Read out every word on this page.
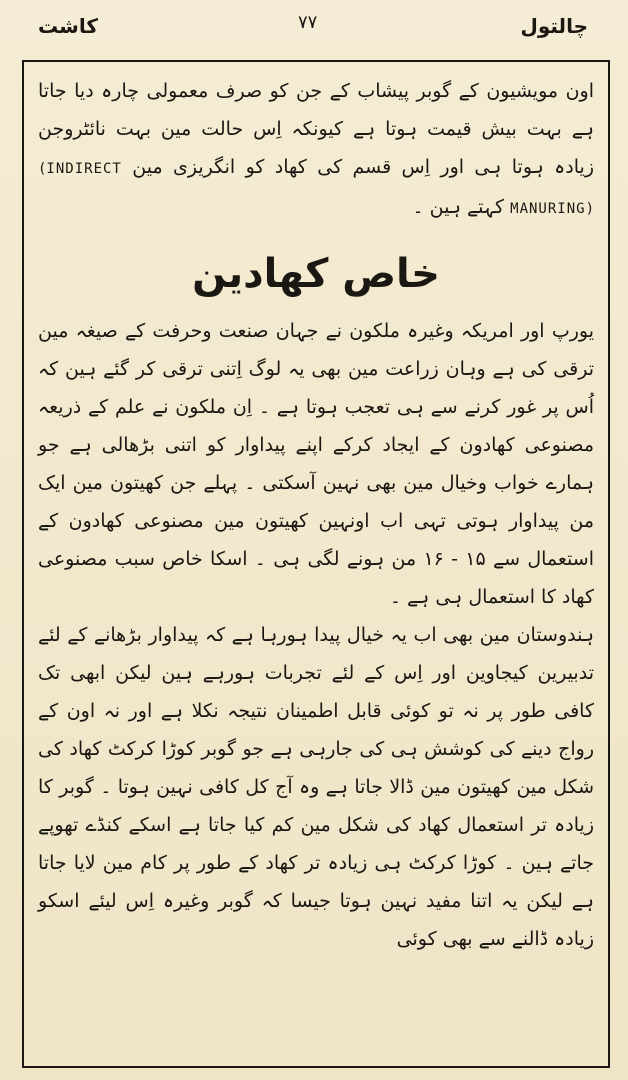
کاشت	۷۷	چالتول

اون مویشیون کے گوبر پیشاب کے جن کو صرف معمولی چارہ دیا جاتا ہے بہت بیش قیمت ہوتا ہے کیونکہ اِس حالت مین بہت نائٹروجن زیادہ ہوتا ہی اور اِس قسم کی کھاد کو انگریزی مین (INDIRECT MANURING) کہتے ہین ۔

خاص کھادین

یورپ اور امریکہ وغیرہ ملکون نے جہان صنعت وحرفت کے صیغہ مین ترقی کی ہے وہان زراعت مین بھی یہ لوگ اِتنی ترقی کر گئے ہین کہ اُس پر غور کرنے سے ہی تعجب ہوتا ہے ۔ اِن ملکون نے علم کے ذریعہ مصنوعی کھادون کے ایجاد کرکے اپنے پیداوار کو اتنی بڑھالی ہے جو ہمارے خواب وخیال مین بھی نہین آسکتی ۔ پہلے جن کھیتون مین ایک من پیداوار ہوتی تہی اب اونہین کھیتون مین مصنوعی کھادون کے استعمال سے ۱۵ - ۱۶ من ہونے لگی ہی ۔ اسکا خاص سبب مصنوعی کھاد کا استعمال ہی ہے ۔

ہندوستان مین بھی اب یہ خیال پیدا ہورہا ہے کہ پیداوار بڑھانے کے لئے تدبیرین کیجاوین اور اِس کے لئے تجربات ہورہے ہین لیکن ابھی تک کافی طور پر نہ تو کوئی قابل اطمینان نتیجہ نکلا ہے اور نہ اون کے رواج دینے کی کوشش ہی کی جارہی ہے جو گوبر کوڑا کرکٹ کھاد کی شکل مین کھیتون مین ڈالا جاتا ہے وہ آج کل کافی نہین ہوتا ۔ گوبر کا زیادہ تر استعمال کھاد کی شکل مین کم کیا جاتا ہے اسکے کنڈے تھوپے جاتے ہین ۔ کوڑا کرکٹ ہی زیادہ تر کھاد کے طور پر کام مین لایا جاتا ہے لیکن یہ اتنا مفید نہین ہوتا جیسا کہ گوبر وغیرہ اِس لیئے اسکو زیادہ ڈالنے سے بھی کوئی
